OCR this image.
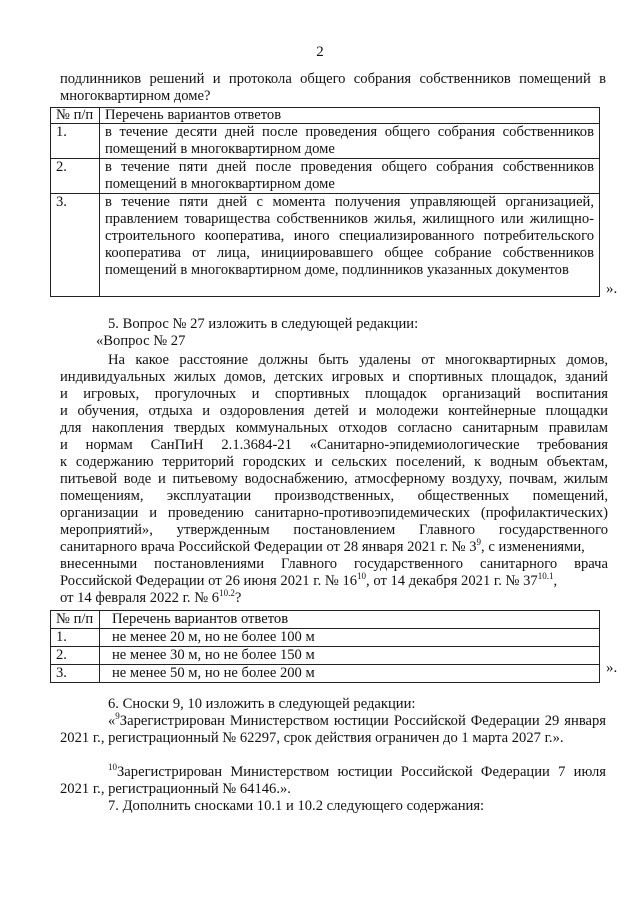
2
подлинников решений и протокола общего собрания собственников помещений в многоквартирном доме?
№ п/п	Перечень вариантов ответов
1.	в течение десяти дней после проведения общего собрания собственников помещений в многоквартирном доме
2.	в течение пяти дней после проведения общего собрания собственников помещений в многоквартирном доме
3.	в течение пяти дней с момента получения управляющей организацией, правлением товарищества собственников жилья, жилищного или жилищно-строительного кооператива, иного специализированного потребительского кооператива от лица, инициировавшего общее собрание собственников помещений в многоквартирном доме, подлинников указанных документов
».
5. Вопрос № 27 изложить в следующей редакции:
«Вопрос № 27
На какое расстояние должны быть удалены от многоквартирных домов,
индивидуальных жилых домов, детских игровых и спортивных площадок, зданий
и игровых, прогулочных и спортивных площадок организаций воспитания
и обучения, отдыха и оздоровления детей и молодежи контейнерные площадки
для накопления твердых коммунальных отходов согласно санитарным правилам
и нормам СанПиН 2.1.3684-21 «Санитарно-эпидемиологические требования
к содержанию территорий городских и сельских поселений, к водным объектам,
питьевой воде и питьевому водоснабжению, атмосферному воздуху, почвам, жилым
помещениям, эксплуатации производственных, общественных помещений,
организации и проведению санитарно-противоэпидемических (профилактических)
мероприятий», утвержденным постановлением Главного государственного
санитарного врача Российской Федерации от 28 января 2021 г. № $3^9$, с изменениями,
внесенными постановлениями Главного государственного санитарного врача
Российской Федерации от 26 июня 2021 г. № $16^{10}$, от 14 декабря 2021 г. № $37^{10.1}$,
от 14 февраля 2022 г. № $6^{10.2}$?
№ п/п	Перечень вариантов ответов
1.	не менее 20 м, но не более 100 м
2.	не менее 30 м, но не более 150 м
3.	не менее 50 м, но не более 200 м	».
6. Сноски 9, 10 изложить в следующей редакции:
«$^9$Зарегистрирован Министерством юстиции Российской Федерации 29 января 2021 г., регистрационный № 62297, срок действия ограничен до 1 марта 2027 г.».
$^{10}$Зарегистрирован Министерством юстиции Российской Федерации 7 июля 2021 г., регистрационный № 64146.».
7. Дополнить сносками 10.1 и 10.2 следующего содержания:
